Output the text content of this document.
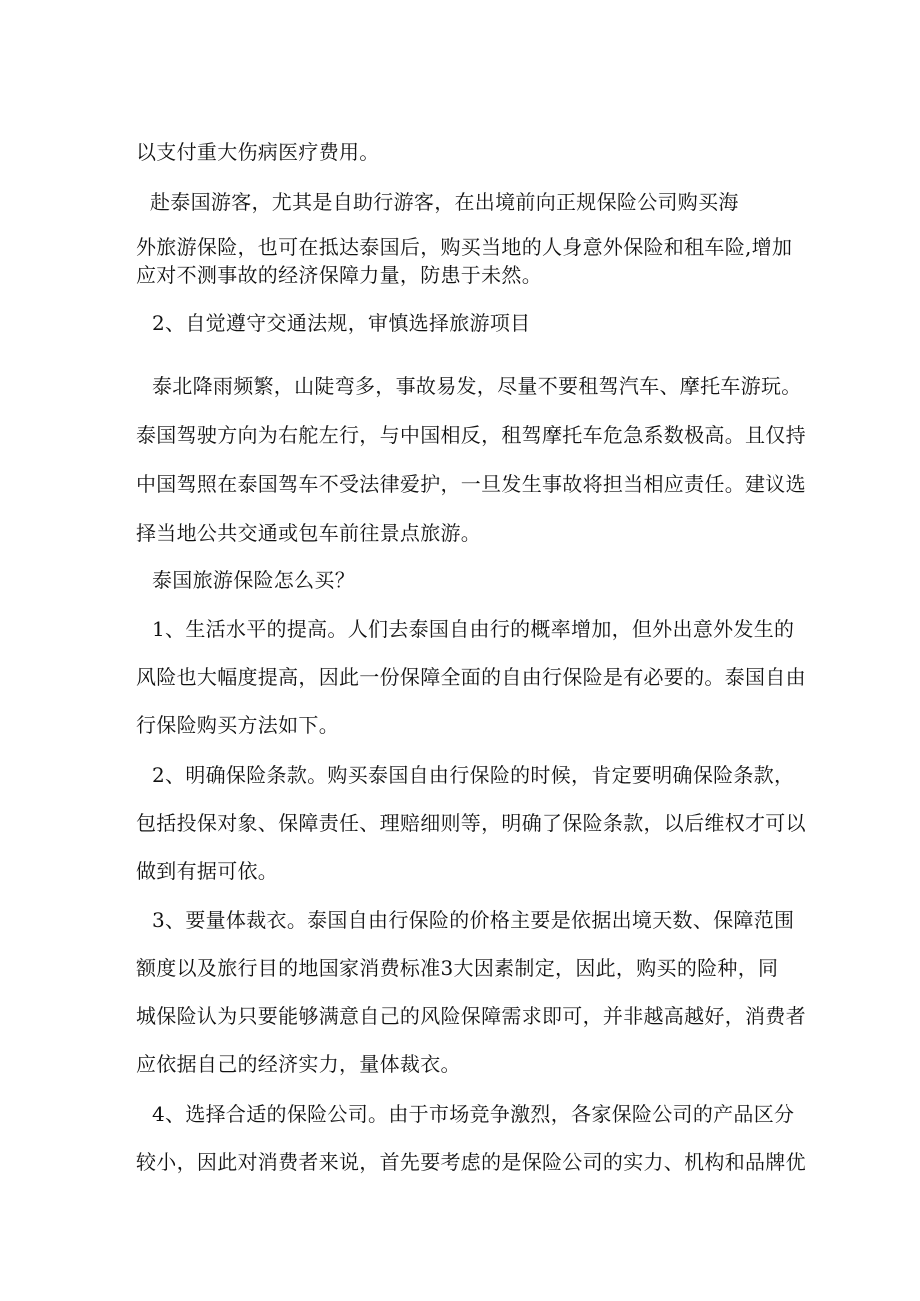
以支付重大伤病医疗费用。
赴泰国游客，尤其是自助行游客，在出境前向正规保险公司购买海
外旅游保险，也可在抵达泰国后，购买当地的人身意外保险和租车险,增加
应对不测事故的经济保障力量，防患于未然。
2、自觉遵守交通法规，审慎选择旅游项目
泰北降雨频繁，山陡弯多，事故易发，尽量不要租驾汽车、摩托车游玩。
泰国驾驶方向为右舵左行，与中国相反，租驾摩托车危急系数极高。且仅持
中国驾照在泰国驾车不受法律爱护，一旦发生事故将担当相应责任。建议选
择当地公共交通或包车前往景点旅游。
泰国旅游保险怎么买？
1、生活水平的提高。人们去泰国自由行的概率增加，但外出意外发生的
风险也大幅度提高，因此一份保障全面的自由行保险是有必要的。泰国自由
行保险购买方法如下。
2、明确保险条款。购买泰国自由行保险的时候，肯定要明确保险条款，
包括投保对象、保障责任、理赔细则等，明确了保险条款，以后维权才可以
做到有据可依。
3、要量体裁衣。泰国自由行保险的价格主要是依据出境天数、保障范围
额度以及旅行目的地国家消费标准3大因素制定，因此，购买的险种，同
城保险认为只要能够满意自己的风险保障需求即可，并非越高越好，消费者
应依据自己的经济实力，量体裁衣。
4、选择合适的保险公司。由于市场竞争激烈，各家保险公司的产品区分
较小，因此对消费者来说，首先要考虑的是保险公司的实力、机构和品牌优
